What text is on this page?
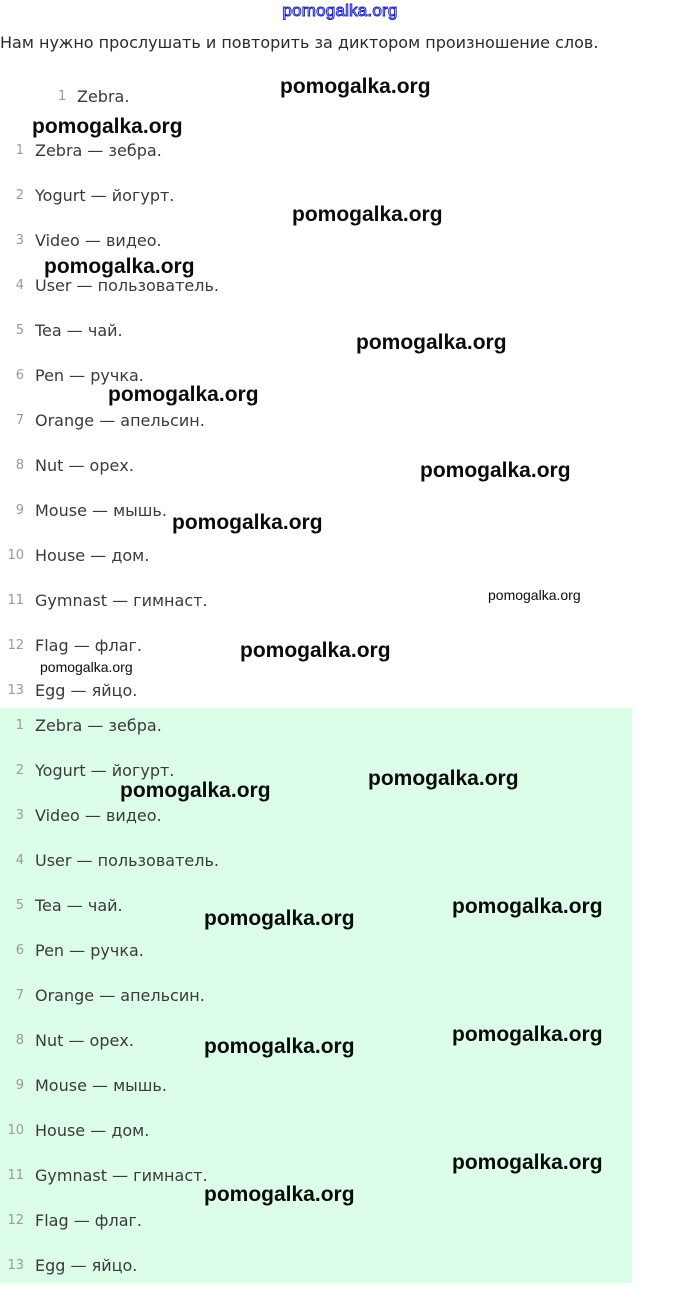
pomogalka.org
Нам нужно прослушать и повторить за диктором произношение слов.
1 Zebra.
1 Zebra — зебра.
2 Yogurt — йогурт.
3 Video — видео.
4 User — пользователь.
5 Tea — чай.
6 Pen — ручка.
7 Orange — апельсин.
8 Nut — орех.
9 Mouse — мышь.
10 House — дом.
11 Gymnast — гимнаст.
12 Flag — флаг.
13 Egg — яйцо.
1 Zebra — зебра.
2 Yogurt — йогурт.
3 Video — видео.
4 User — пользователь.
5 Tea — чай.
6 Pen — ручка.
7 Orange — апельсин.
8 Nut — орех.
9 Mouse — мышь.
10 House — дом.
11 Gymnast — гимнаст.
12 Flag — флаг.
13 Egg — яйцо.
pomogalka.org
pomogalka.org
pomogalka.org
pomogalka.org
pomogalka.org
pomogalka.org
pomogalka.org
pomogalka.org
pomogalka.org
pomogalka.org
pomogalka.org
pomogalka.org
pomogalka.org
pomogalka.org
pomogalka.org
pomogalka.org
pomogalka.org
pomogalka.org
pomogalka.org
